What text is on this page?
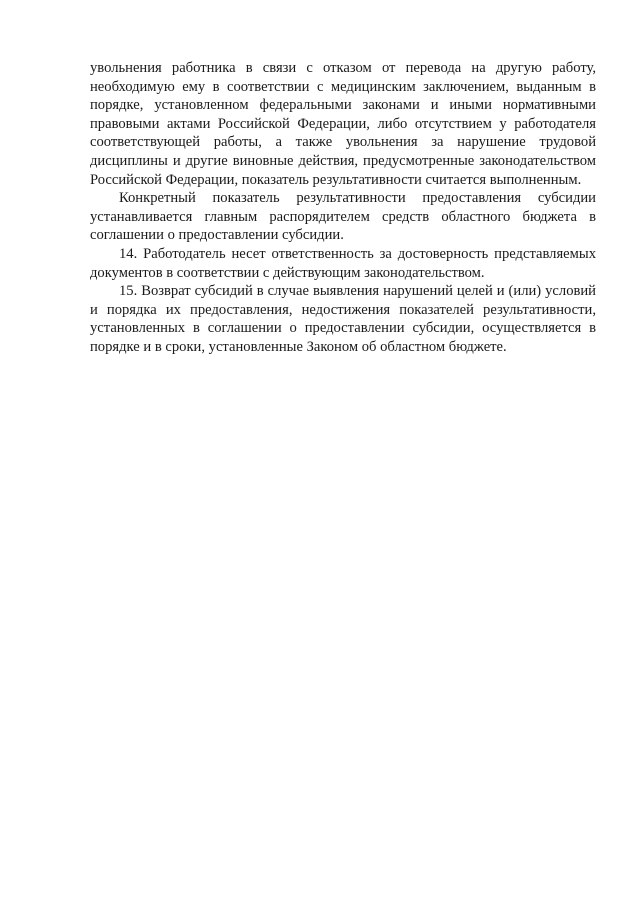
увольнения работника в связи с отказом от перевода на другую работу, необходимую ему в соответствии с медицинским заключением, выданным в порядке, установленном федеральными законами и иными нормативными правовыми актами Российской Федерации, либо отсутствием у работодателя соответствующей работы, а также увольнения за нарушение трудовой дисциплины и другие виновные действия, предусмотренные законодательством Российской Федерации, показатель результативности считается выполненным.

Конкретный показатель результативности предоставления субсидии устанавливается главным распорядителем средств областного бюджета в соглашении о предоставлении субсидии.

14. Работодатель несет ответственность за достоверность представляемых документов в соответствии с действующим законодательством.

15. Возврат субсидий в случае выявления нарушений целей и (или) условий и порядка их предоставления, недостижения показателей результативности, установленных в соглашении о предоставлении субсидии, осуществляется в порядке и в сроки, установленные Законом об областном бюджете.
